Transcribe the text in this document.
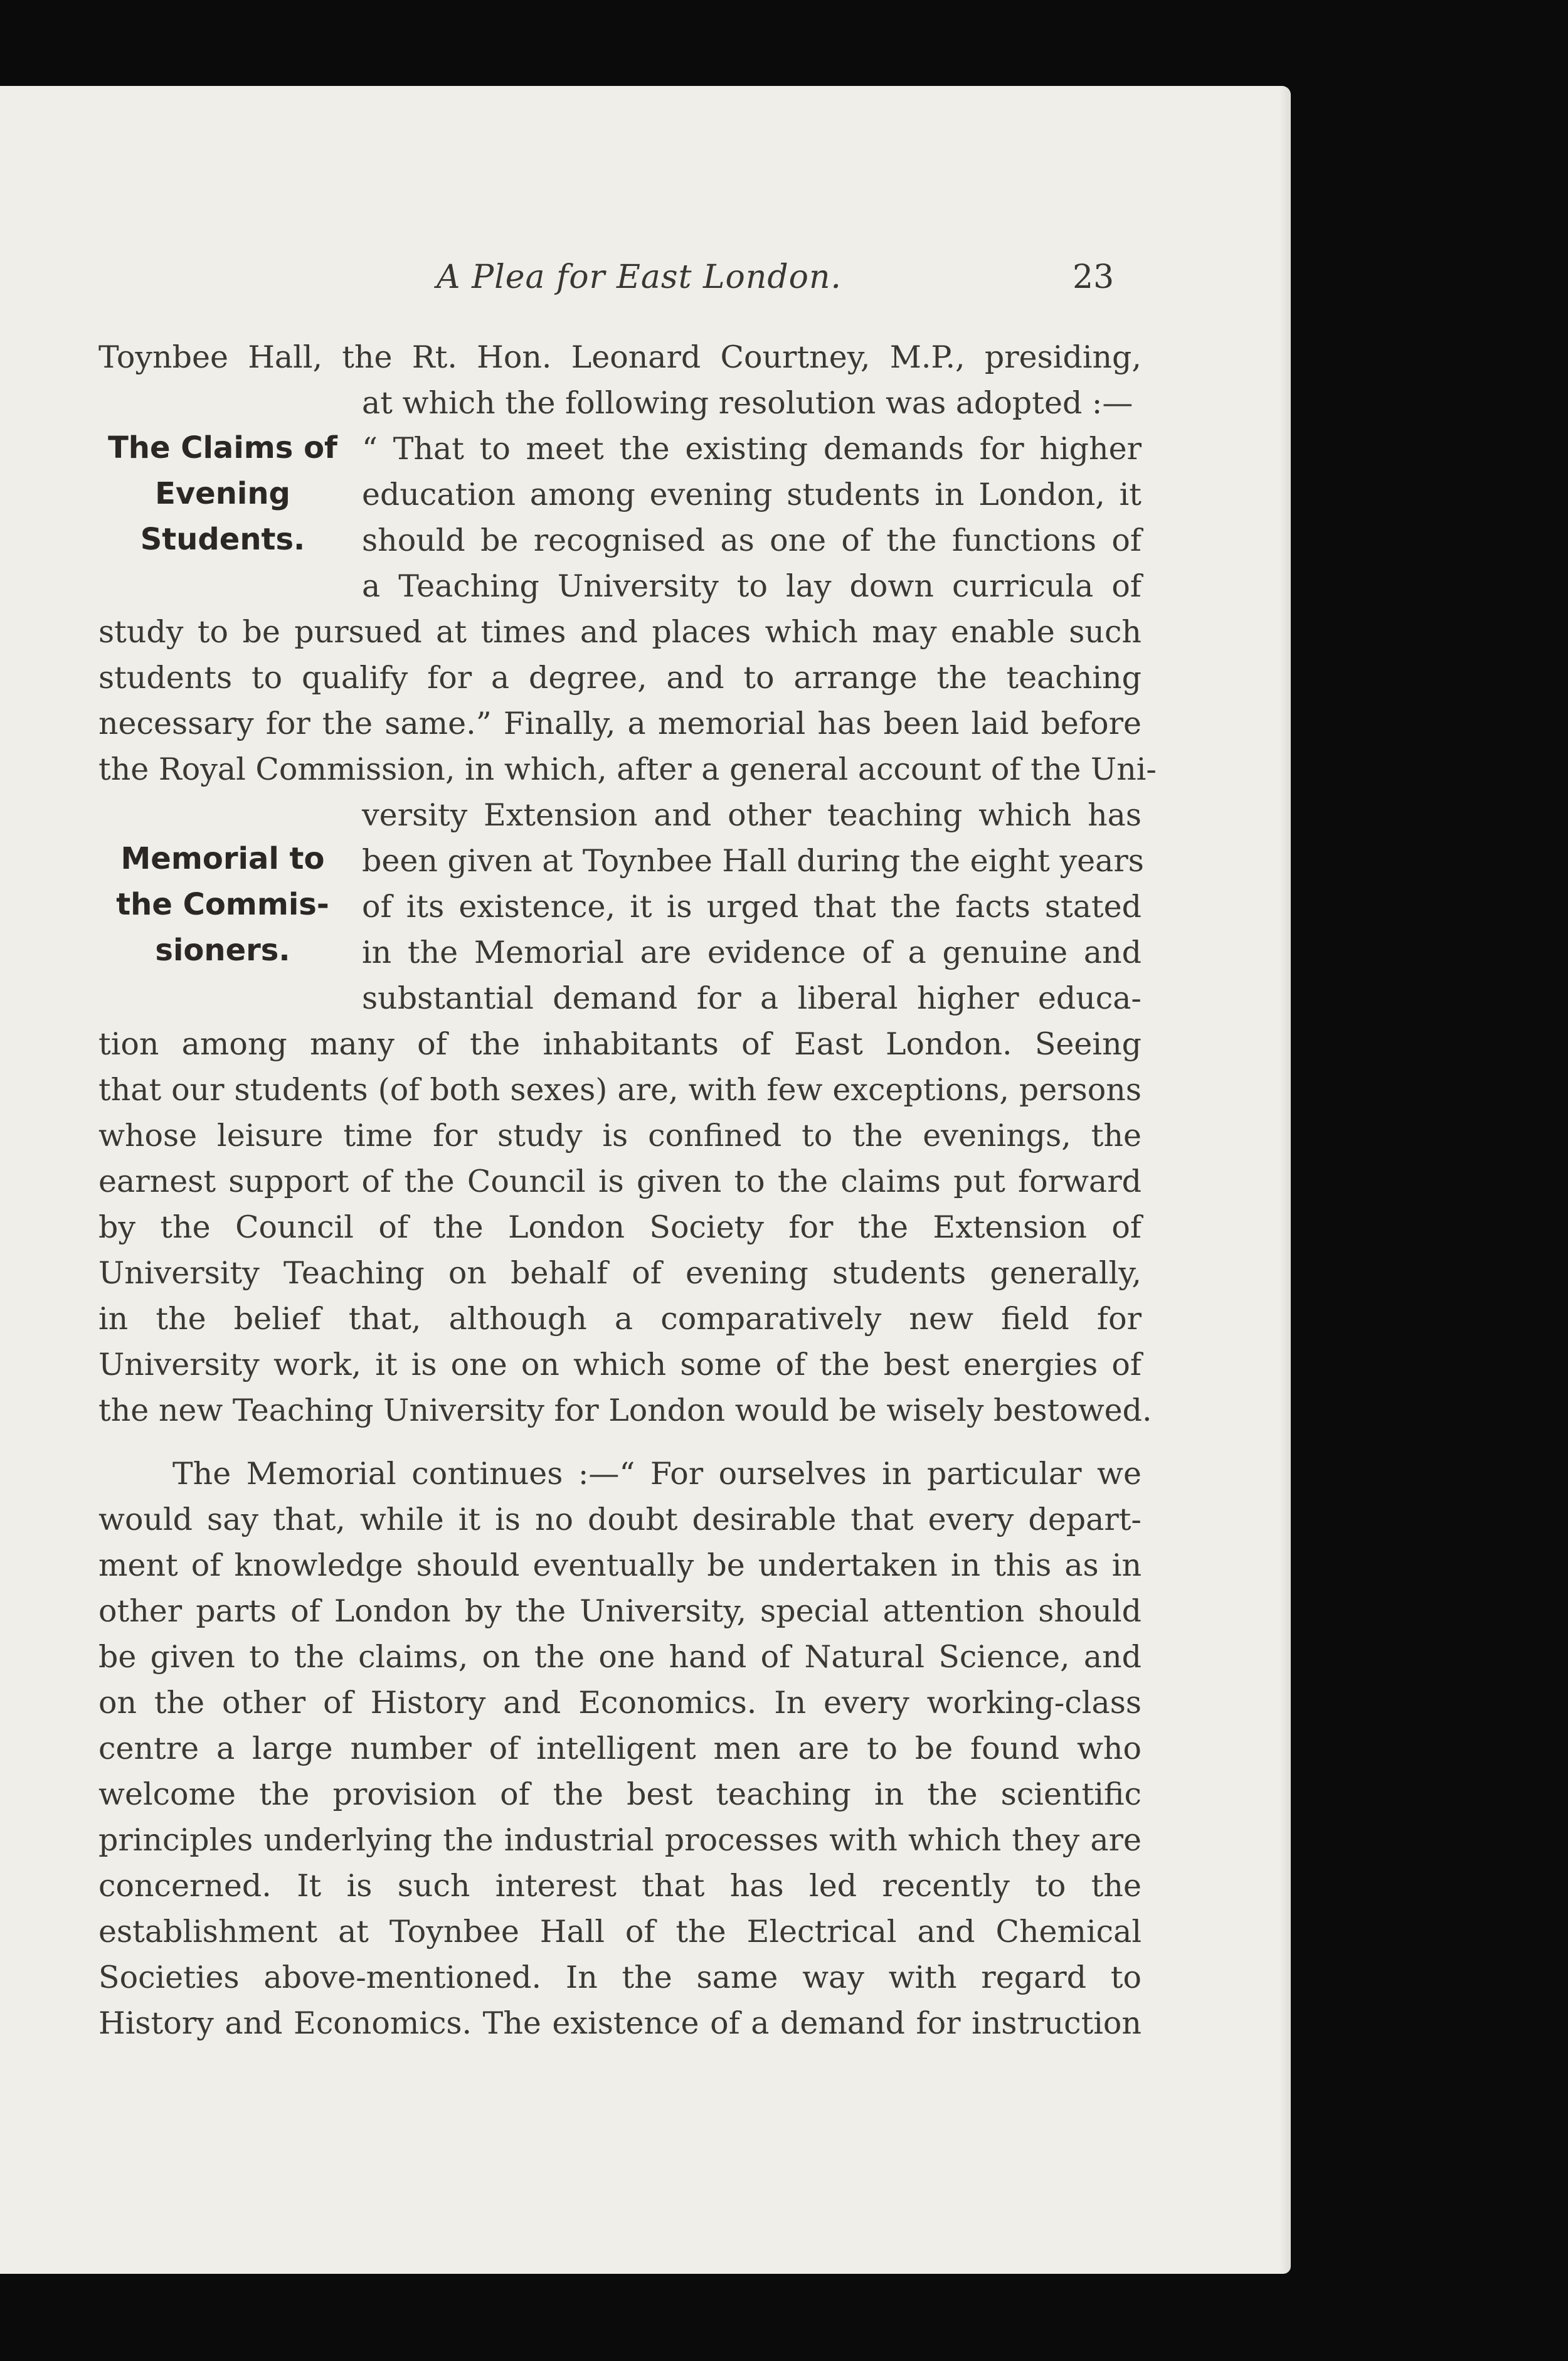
A Plea for East London.	23
The Claims of
Evening
Students.
Memorial to
the Commis-
sioners.
Toynbee Hall, the Rt. Hon. Leonard Courtney, M.P., presiding,
at which the following resolution was adopted :—
“ That to meet the existing demands for higher
education among evening students in London, it
should be recognised as one of the functions of
a Teaching University to lay down curricula of
study to be pursued at times and places which may enable such
students to qualify for a degree, and to arrange the teaching
necessary for the same.” Finally, a memorial has been laid before
the Royal Commission, in which, after a general account of the Uni-
versity Extension and other teaching which has
been given at Toynbee Hall during the eight years
of its existence, it is urged that the facts stated
in the Memorial are evidence of a genuine and
substantial demand for a liberal higher educa-
tion among many of the inhabitants of East London. Seeing
that our students (of both sexes) are, with few exceptions, persons
whose leisure time for study is confined to the evenings, the
earnest support of the Council is given to the claims put forward
by the Council of the London Society for the Extension of
University Teaching on behalf of evening students generally,
in the belief that, although a comparatively new field for
University work, it is one on which some of the best energies of
the new Teaching University for London would be wisely bestowed.
The Memorial continues :—“ For ourselves in particular we
would say that, while it is no doubt desirable that every depart-
ment of knowledge should eventually be undertaken in this as in
other parts of London by the University, special attention should
be given to the claims, on the one hand of Natural Science, and
on the other of History and Economics. In every working-class
centre a large number of intelligent men are to be found who
welcome the provision of the best teaching in the scientific
principles underlying the industrial processes with which they are
concerned. It is such interest that has led recently to the
establishment at Toynbee Hall of the Electrical and Chemical
Societies above-mentioned. In the same way with regard to
History and Economics. The existence of a demand for instruction
